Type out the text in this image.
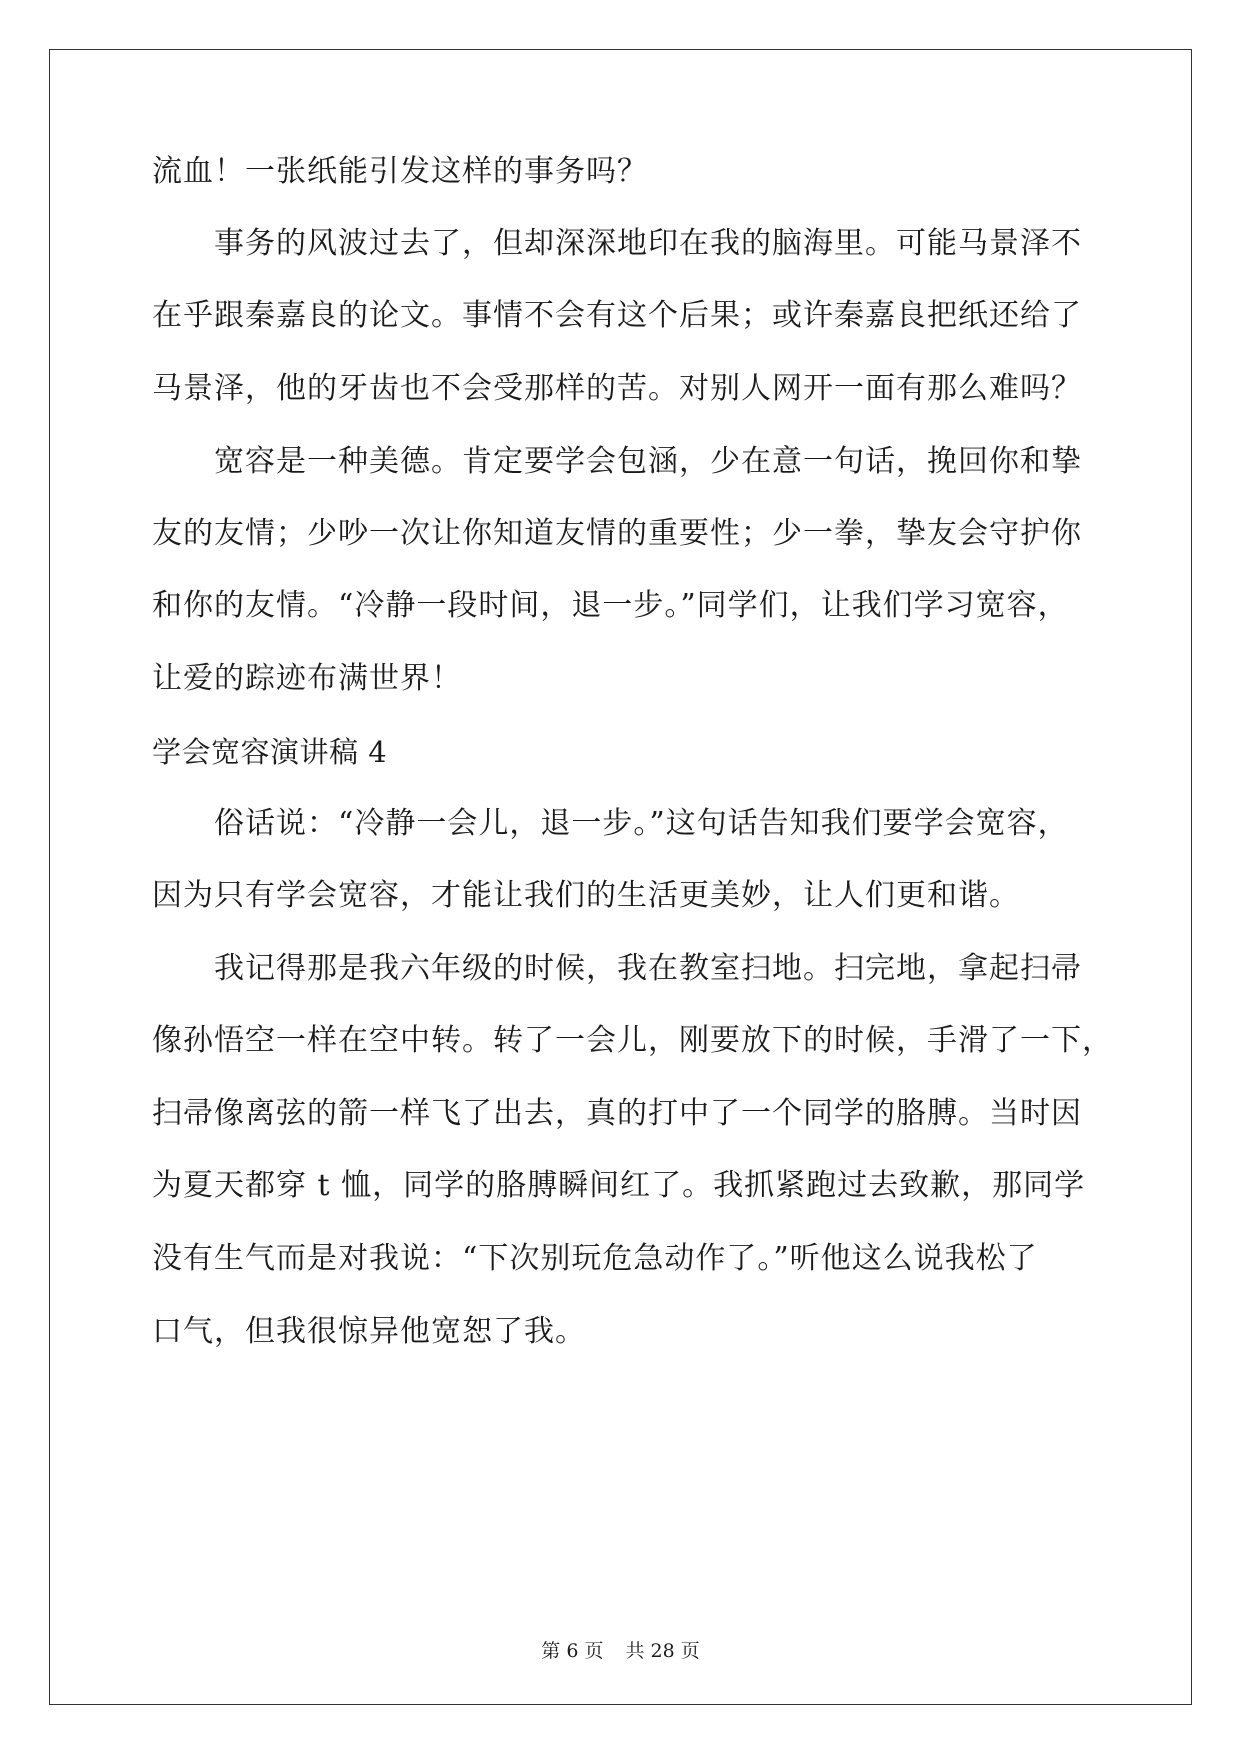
流血！一张纸能引发这样的事务吗？
事务的风波过去了，但却深深地印在我的脑海里。可能马景泽不
在乎跟秦嘉良的论文。事情不会有这个后果；或许秦嘉良把纸还给了
马景泽，他的牙齿也不会受那样的苦。对别人网开一面有那么难吗？
宽容是一种美德。肯定要学会包涵，少在意一句话，挽回你和挚
友的友情；少吵一次让你知道友情的重要性；少一拳，挚友会守护你
和你的友情。“冷静一段时间，退一步。”同学们，让我们学习宽容，
让爱的踪迹布满世界！
学会宽容演讲稿 4
俗话说：“冷静一会儿，退一步。”这句话告知我们要学会宽容，
因为只有学会宽容，才能让我们的生活更美妙，让人们更和谐。
我记得那是我六年级的时候，我在教室扫地。扫完地，拿起扫帚
像孙悟空一样在空中转。转了一会儿，刚要放下的时候，手滑了一下，
扫帚像离弦的箭一样飞了出去，真的打中了一个同学的胳膊。当时因
为夏天都穿 t 恤，同学的胳膊瞬间红了。我抓紧跑过去致歉，那同学
没有生气而是对我说：“下次别玩危急动作了。”听他这么说我松了
口气，但我很惊异他宽恕了我。
第 6 页 共 28 页
